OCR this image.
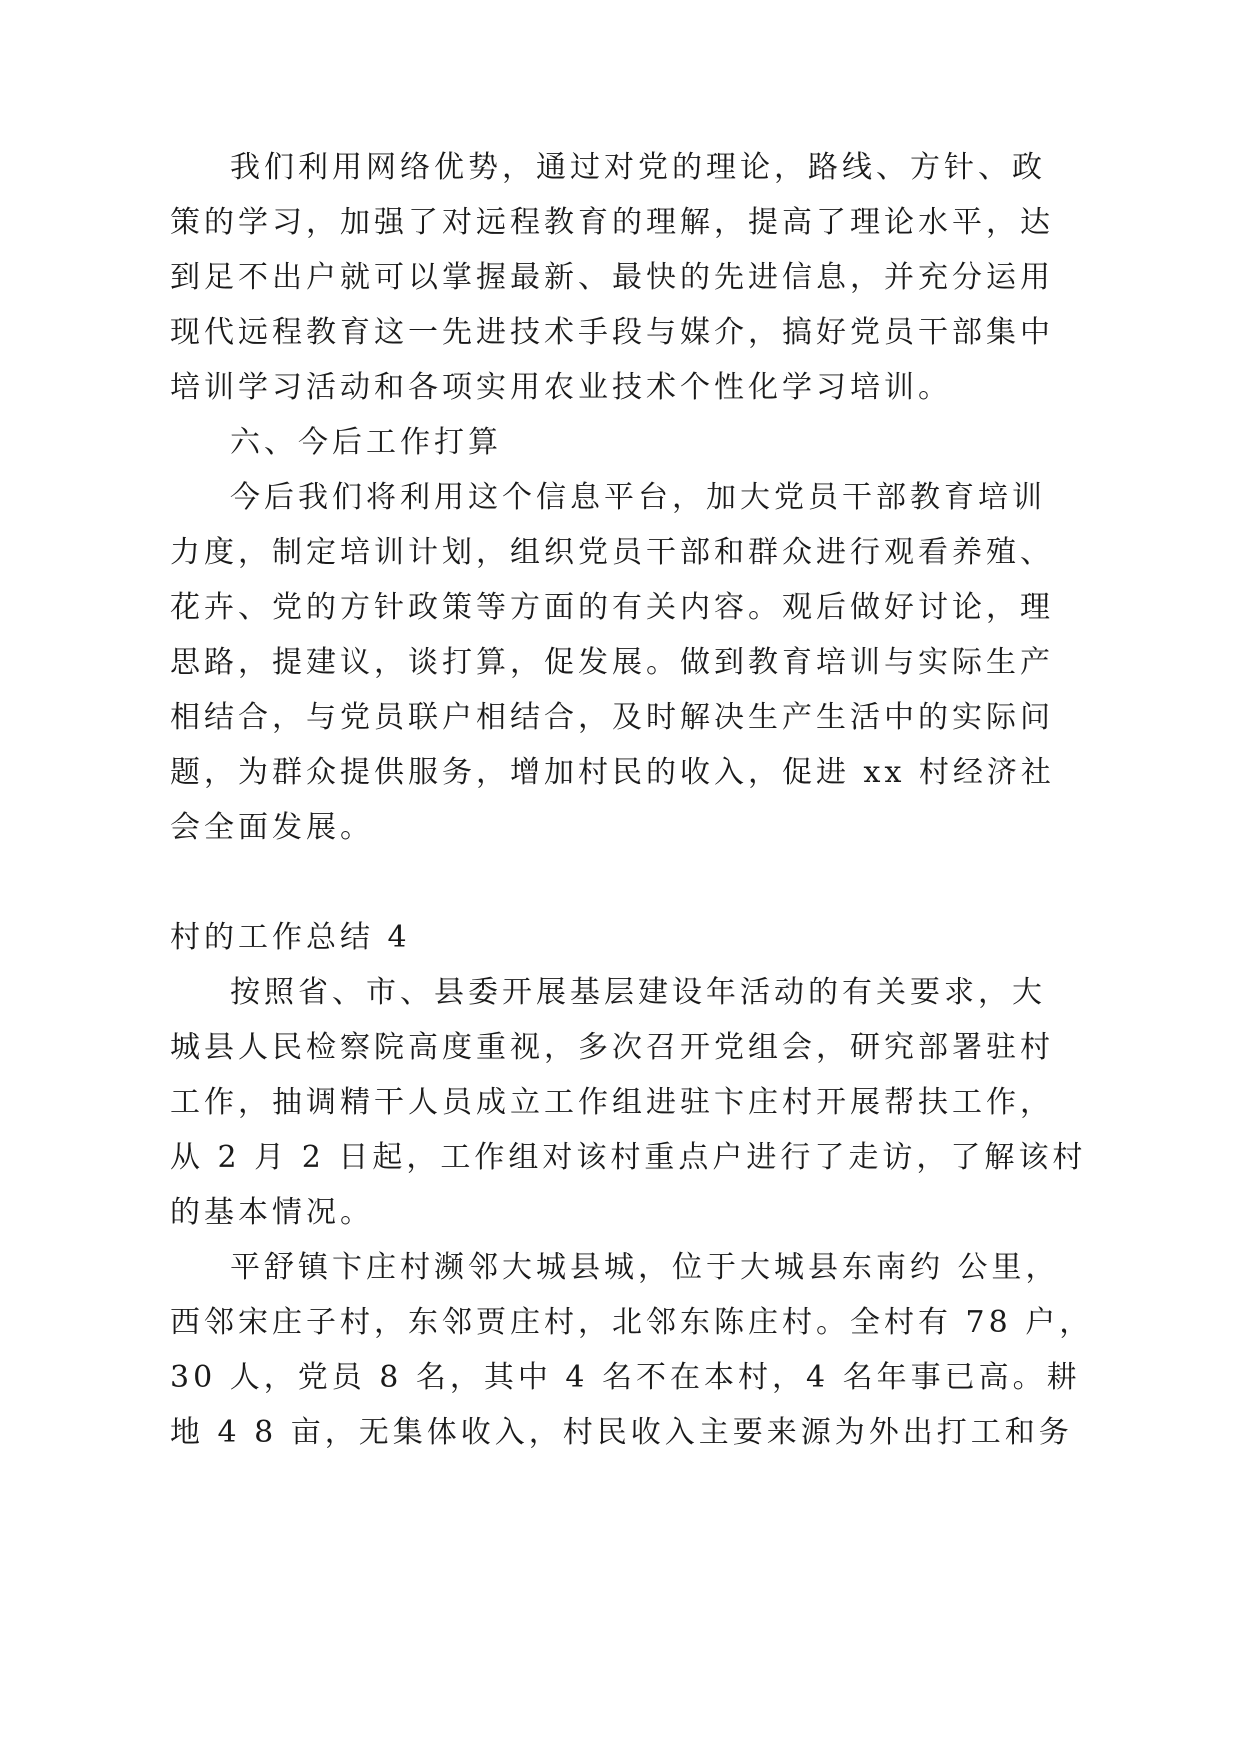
我们利用网络优势，通过对党的理论，路线、方针、政
策的学习，加强了对远程教育的理解，提高了理论水平，达
到足不出户就可以掌握最新、最快的先进信息，并充分运用
现代远程教育这一先进技术手段与媒介，搞好党员干部集中
培训学习活动和各项实用农业技术个性化学习培训。
六、今后工作打算
今后我们将利用这个信息平台，加大党员干部教育培训
力度，制定培训计划，组织党员干部和群众进行观看养殖、
花卉、党的方针政策等方面的有关内容。观后做好讨论，理
思路，提建议，谈打算，促发展。做到教育培训与实际生产
相结合，与党员联户相结合，及时解决生产生活中的实际问
题，为群众提供服务，增加村民的收入，促进 xx 村经济社
会全面发展。
村的工作总结 4
按照省、市、县委开展基层建设年活动的有关要求，大
城县人民检察院高度重视，多次召开党组会，研究部署驻村
工作，抽调精干人员成立工作组进驻卞庄村开展帮扶工作，
从 2 月 2 日起，工作组对该村重点户进行了走访，了解该村
的基本情况。
平舒镇卞庄村濒邻大城县城，位于大城县东南约 公里，
西邻宋庄子村，东邻贾庄村，北邻东陈庄村。全村有 78 户，
30 人，党员 8 名，其中 4 名不在本村，4 名年事已高。耕
地 4 8 亩，无集体收入，村民收入主要来源为外出打工和务
